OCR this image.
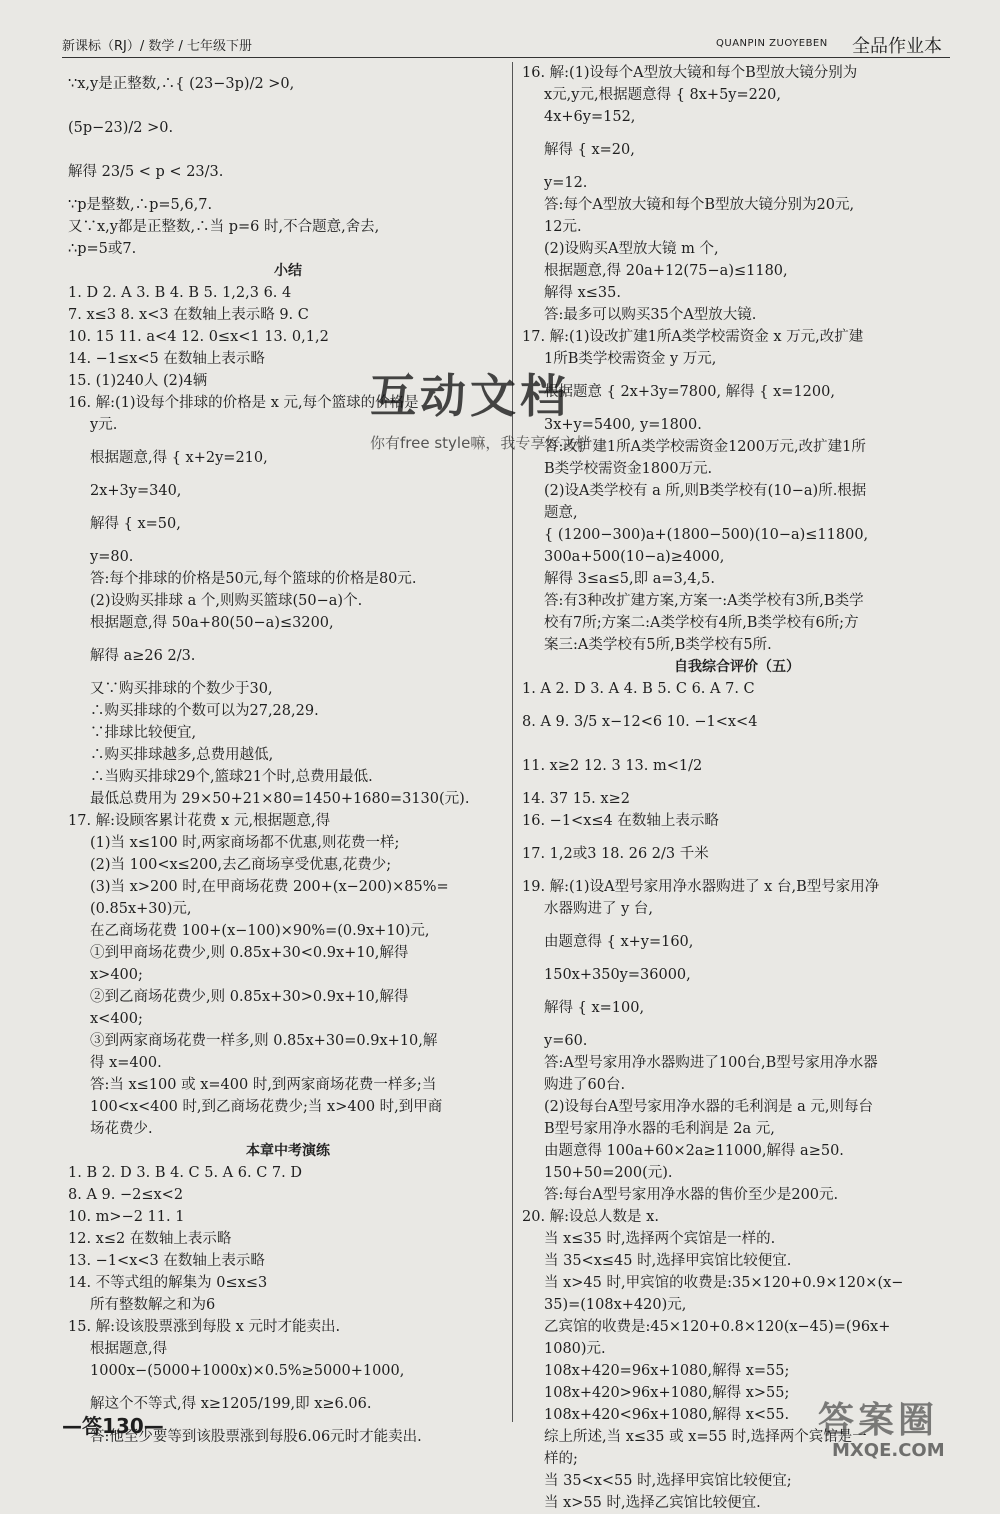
新课标（RJ）/ 数学 / 七年级下册	QUANPIN ZUOYEBEN 全品作业本
∵x,y是正整数,∴{ (23−3p)/2 >0,
(5p−23)/2 >0.
解得 23/5 < p < 23/3.
∵p是整数,∴p=5,6,7.
又∵x,y都是正整数,∴当 p=6 时,不合题意,舍去,
∴p=5或7.
小结
1. D 2. A 3. B 4. B 5. 1,2,3 6. 4
7. x≤3 8. x<3 在数轴上表示略 9. C
10. 15 11. a<4 12. 0≤x<1 13. 0,1,2
14. −1≤x<5 在数轴上表示略
15. (1)240人 (2)4辆
16. 解:(1)设每个排球的价格是 x 元,每个篮球的价格是
y元.
根据题意,得 { x+2y=210,
2x+3y=340,
解得 { x=50,
y=80.
答:每个排球的价格是50元,每个篮球的价格是80元.
(2)设购买排球 a 个,则购买篮球(50−a)个.
根据题意,得 50a+80(50−a)≤3200,
解得 a≥26 2/3.
又∵购买排球的个数少于30,
∴购买排球的个数可以为27,28,29.
∵排球比较便宜,
∴购买排球越多,总费用越低,
∴当购买排球29个,篮球21个时,总费用最低.
最低总费用为 29×50+21×80=1450+1680=3130(元).
17. 解:设顾客累计花费 x 元,根据题意,得
(1)当 x≤100 时,两家商场都不优惠,则花费一样;
(2)当 100<x≤200,去乙商场享受优惠,花费少;
(3)当 x>200 时,在甲商场花费 200+(x−200)×85%=
(0.85x+30)元,
在乙商场花费 100+(x−100)×90%=(0.9x+10)元,
①到甲商场花费少,则 0.85x+30<0.9x+10,解得
x>400;
②到乙商场花费少,则 0.85x+30>0.9x+10,解得
x<400;
③到两家商场花费一样多,则 0.85x+30=0.9x+10,解
得 x=400.
答:当 x≤100 或 x=400 时,到两家商场花费一样多;当
100<x<400 时,到乙商场花费少;当 x>400 时,到甲商
场花费少.
本章中考演练
1. B 2. D 3. B 4. C 5. A 6. C 7. D
8. A 9. −2≤x<2
10. m>−2 11. 1
12. x≤2 在数轴上表示略
13. −1<x<3 在数轴上表示略
14. 不等式组的解集为 0≤x≤3
所有整数解之和为6
15. 解:设该股票涨到每股 x 元时才能卖出.
根据题意,得
1000x−(5000+1000x)×0.5%≥5000+1000,
解这个不等式,得 x≥1205/199,即 x≥6.06.
答:他至少要等到该股票涨到每股6.06元时才能卖出.
16. 解:(1)设每个A型放大镜和每个B型放大镜分别为
x元,y元,根据题意得 { 8x+5y=220,
4x+6y=152,
解得 { x=20,
y=12.
答:每个A型放大镜和每个B型放大镜分别为20元,
12元.
(2)设购买A型放大镜 m 个,
根据题意,得 20a+12(75−a)≤1180,
解得 x≤35.
答:最多可以购买35个A型放大镜.
17. 解:(1)设改扩建1所A类学校需资金 x 万元,改扩建
1所B类学校需资金 y 万元,
根据题意 { 2x+3y=7800, 解得 { x=1200,
3x+y=5400, y=1800.
答:改扩建1所A类学校需资金1200万元,改扩建1所
B类学校需资金1800万元.
(2)设A类学校有 a 所,则B类学校有(10−a)所.根据
题意,
{ (1200−300)a+(1800−500)(10−a)≤11800,
300a+500(10−a)≥4000,
解得 3≤a≤5,即 a=3,4,5.
答:有3种改扩建方案,方案一:A类学校有3所,B类学
校有7所;方案二:A类学校有4所,B类学校有6所;方
案三:A类学校有5所,B类学校有5所.
自我综合评价（五）
1. A 2. D 3. A 4. B 5. C 6. A 7. C
8. A 9. 3/5 x−12<6 10. −1<x<4
11. x≥2 12. 3 13. m<1/2
14. 37 15. x≥2
16. −1<x≤4 在数轴上表示略
17. 1,2或3 18. 26 2/3 千米
19. 解:(1)设A型号家用净水器购进了 x 台,B型号家用净
水器购进了 y 台,
由题意得 { x+y=160,
150x+350y=36000,
解得 { x=100,
y=60.
答:A型号家用净水器购进了100台,B型号家用净水器
购进了60台.
(2)设每台A型号家用净水器的毛利润是 a 元,则每台
B型号家用净水器的毛利润是 2a 元,
由题意得 100a+60×2a≥11000,解得 a≥50.
150+50=200(元).
答:每台A型号家用净水器的售价至少是200元.
20. 解:设总人数是 x.
当 x≤35 时,选择两个宾馆是一样的.
当 35<x≤45 时,选择甲宾馆比较便宜.
当 x>45 时,甲宾馆的收费是:35×120+0.9×120×(x−
35)=(108x+420)元,
乙宾馆的收费是:45×120+0.8×120(x−45)=(96x+
1080)元.
108x+420=96x+1080,解得 x=55;
108x+420>96x+1080,解得 x>55;
108x+420<96x+1080,解得 x<55.
综上所述,当 x≤35 或 x=55 时,选择两个宾馆是一
样的;
当 35<x<55 时,选择甲宾馆比较便宜;
当 x>55 时,选择乙宾馆比较便宜.
互动文档
你有free style嘛，我专享好文档
—答130—	答案圈
MXQE.COM
